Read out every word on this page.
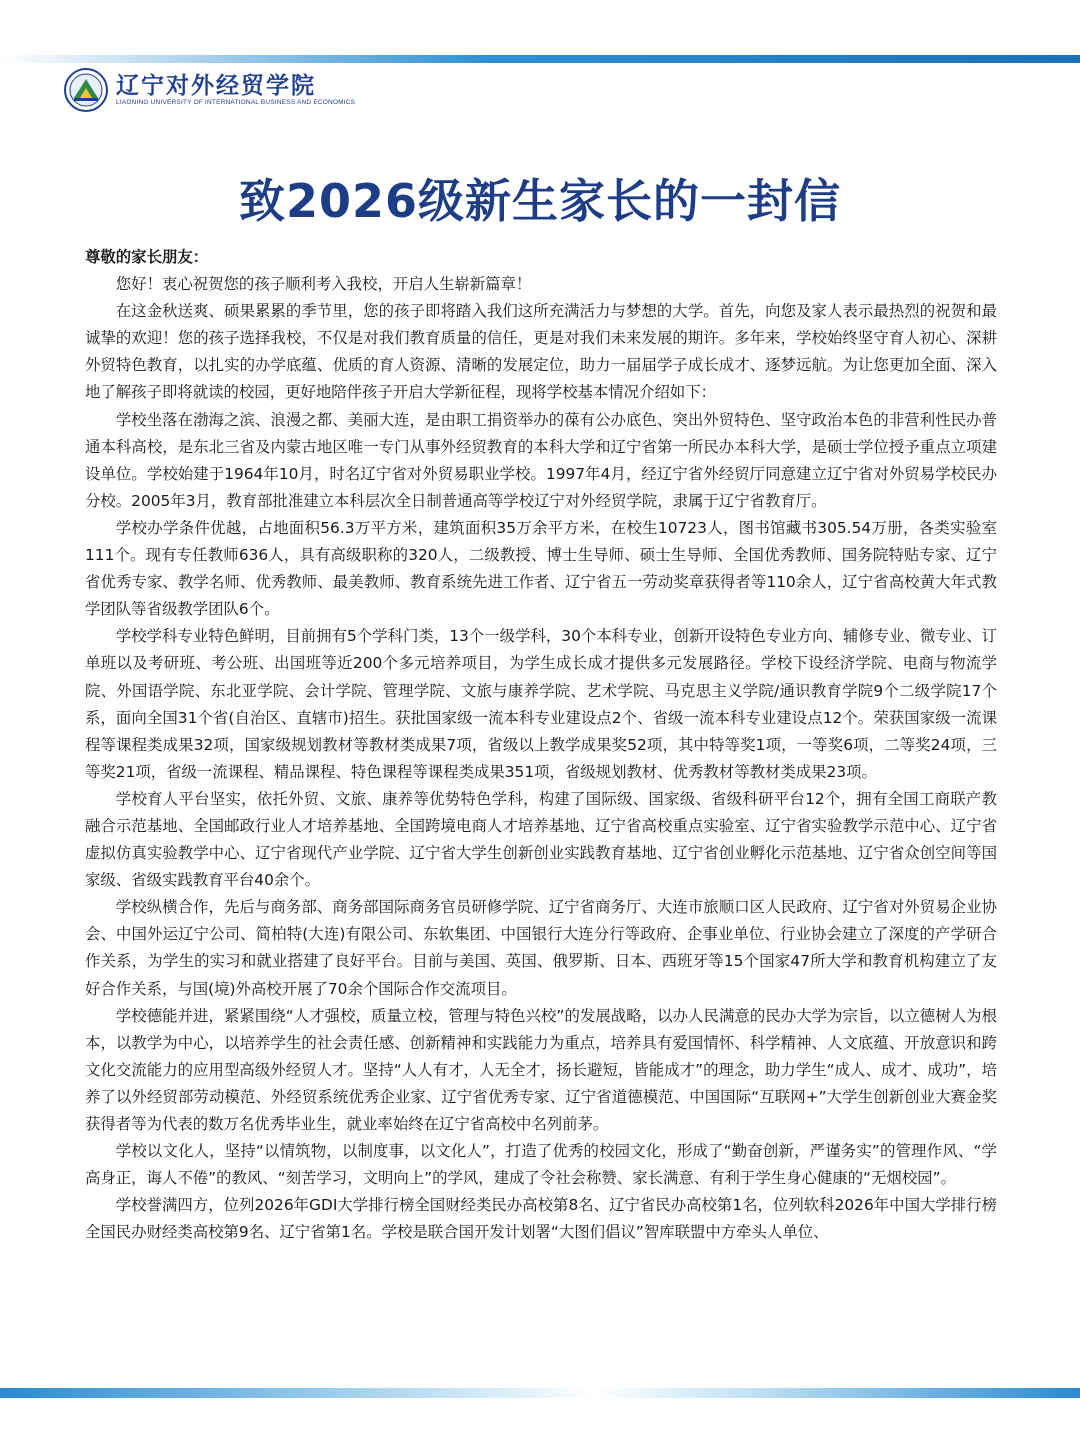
辽宁对外经贸学院
LIAONING UNIVERSITY OF INTERNATIONAL BUSINESS AND ECONOMICS
致2026级新生家长的一封信

尊敬的家长朋友：

您好！衷心祝贺您的孩子顺利考入我校，开启人生崭新篇章！

在这金秋送爽、硕果累累的季节里，您的孩子即将踏入我们这所充满活力与梦想的大学。首先，向您及家人表示最热烈的祝贺和最诚挚的欢迎！您的孩子选择我校，不仅是对我们教育质量的信任，更是对我们未来发展的期许。多年来，学校始终坚守育人初心、深耕外贸特色教育，以扎实的办学底蕴、优质的育人资源、清晰的发展定位，助力一届届学子成长成才、逐梦远航。为让您更加全面、深入地了解孩子即将就读的校园，更好地陪伴孩子开启大学新征程，现将学校基本情况介绍如下：

学校坐落在渤海之滨、浪漫之都、美丽大连，是由职工捐资举办的葆有公办底色、突出外贸特色、坚守政治本色的非营利性民办普通本科高校，是东北三省及内蒙古地区唯一专门从事外经贸教育的本科大学和辽宁省第一所民办本科大学，是硕士学位授予重点立项建设单位。学校始建于1964年10月，时名辽宁省对外贸易职业学校。1997年4月，经辽宁省外经贸厅同意建立辽宁省对外贸易学校民办分校。2005年3月，教育部批准建立本科层次全日制普通高等学校辽宁对外经贸学院，隶属于辽宁省教育厅。

学校办学条件优越，占地面积56.3万平方米，建筑面积35万余平方米，在校生10723人，图书馆藏书305.54万册，各类实验室111个。现有专任教师636人，具有高级职称的320人，二级教授、博士生导师、硕士生导师、全国优秀教师、国务院特贴专家、辽宁省优秀专家、教学名师、优秀教师、最美教师、教育系统先进工作者、辽宁省五一劳动奖章获得者等110余人，辽宁省高校黄大年式教学团队等省级教学团队6个。

学校学科专业特色鲜明，目前拥有5个学科门类，13个一级学科，30个本科专业，创新开设特色专业方向、辅修专业、微专业、订单班以及考研班、考公班、出国班等近200个多元培养项目，为学生成长成才提供多元发展路径。学校下设经济学院、电商与物流学院、外国语学院、东北亚学院、会计学院、管理学院、文旅与康养学院、艺术学院、马克思主义学院/通识教育学院9个二级学院17个系，面向全国31个省(自治区、直辖市)招生。获批国家级一流本科专业建设点2个、省级一流本科专业建设点12个。荣获国家级一流课程等课程类成果32项，国家级规划教材等教材类成果7项，省级以上教学成果奖52项，其中特等奖1项，一等奖6项，二等奖24项，三等奖21项，省级一流课程、精品课程、特色课程等课程类成果351项，省级规划教材、优秀教材等教材类成果23项。

学校育人平台坚实，依托外贸、文旅、康养等优势特色学科，构建了国际级、国家级、省级科研平台12个，拥有全国工商联产教融合示范基地、全国邮政行业人才培养基地、全国跨境电商人才培养基地、辽宁省高校重点实验室、辽宁省实验教学示范中心、辽宁省虚拟仿真实验教学中心、辽宁省现代产业学院、辽宁省大学生创新创业实践教育基地、辽宁省创业孵化示范基地、辽宁省众创空间等国家级、省级实践教育平台40余个。

学校纵横合作，先后与商务部、商务部国际商务官员研修学院、辽宁省商务厅、大连市旅顺口区人民政府、辽宁省对外贸易企业协会、中国外运辽宁公司、简柏特(大连)有限公司、东软集团、中国银行大连分行等政府、企事业单位、行业协会建立了深度的产学研合作关系，为学生的实习和就业搭建了良好平台。目前与美国、英国、俄罗斯、日本、西班牙等15个国家47所大学和教育机构建立了友好合作关系，与国(境)外高校开展了70余个国际合作交流项目。

学校德能并进，紧紧围绕“人才强校，质量立校，管理与特色兴校”的发展战略，以办人民满意的民办大学为宗旨，以立德树人为根本，以教学为中心，以培养学生的社会责任感、创新精神和实践能力为重点，培养具有爱国情怀、科学精神、人文底蕴、开放意识和跨文化交流能力的应用型高级外经贸人才。坚持“人人有才，人无全才，扬长避短，皆能成才”的理念，助力学生“成人、成才、成功”，培养了以外经贸部劳动模范、外经贸系统优秀企业家、辽宁省优秀专家、辽宁省道德模范、中国国际“互联网+”大学生创新创业大赛金奖获得者等为代表的数万名优秀毕业生，就业率始终在辽宁省高校中名列前茅。

学校以文化人，坚持“以情筑物，以制度事，以文化人”，打造了优秀的校园文化，形成了“勤奋创新，严谨务实”的管理作风、“学高身正，诲人不倦”的教风、“刻苦学习，文明向上”的学风，建成了令社会称赞、家长满意、有利于学生身心健康的“无烟校园”。

学校誉满四方，位列2026年GDI大学排行榜全国财经类民办高校第8名、辽宁省民办高校第1名，位列软科2026年中国大学排行榜全国民办财经类高校第9名、辽宁省第1名。学校是联合国开发计划署“大图们倡议”智库联盟中方牵头人单位、
